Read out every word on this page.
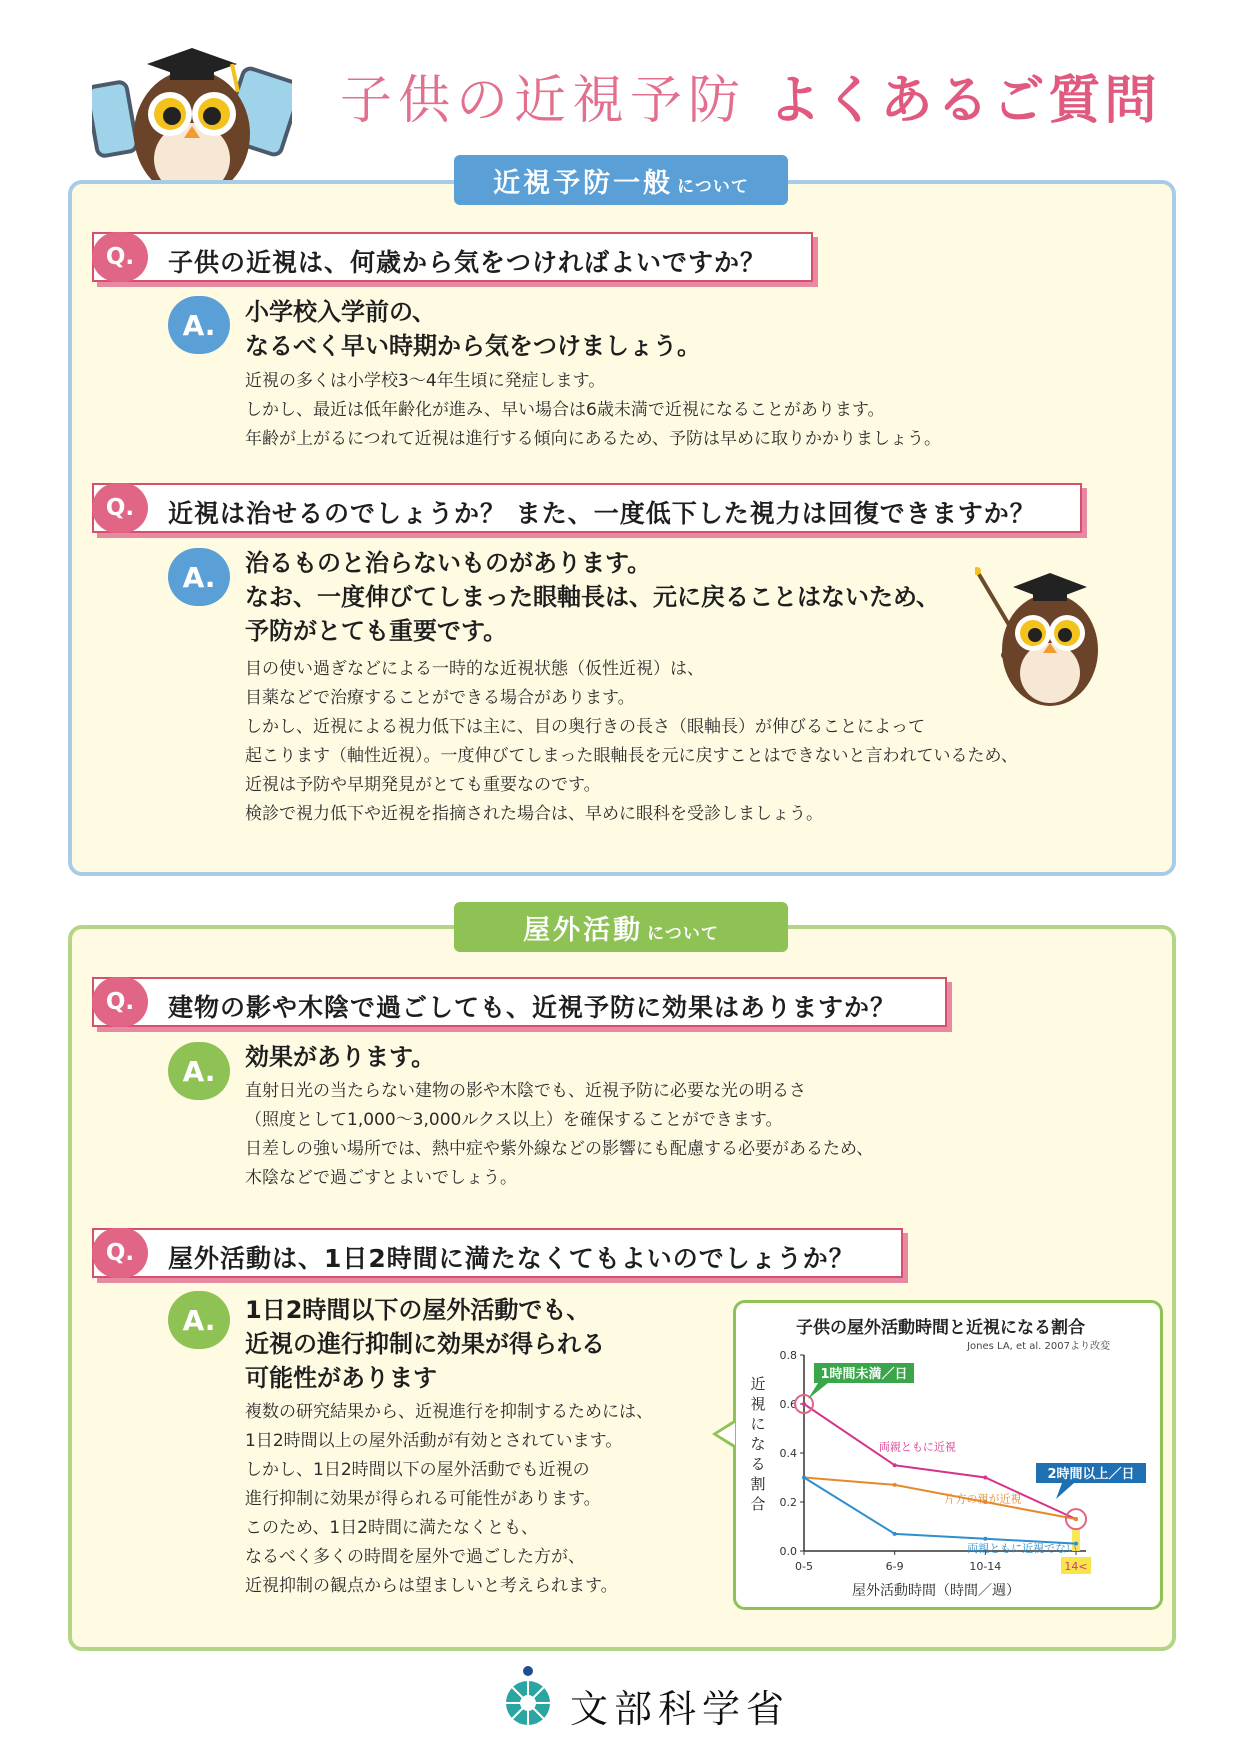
子供の近視予防 よくあるご質問
近視予防一般 について
Q.	子供の近視は、何歳から気をつければよいですか？
A.	小学校入学前の、
なるべく早い時期から気をつけましょう。
近視の多くは小学校3～4年生頃に発症します。
しかし、最近は低年齢化が進み、早い場合は6歳未満で近視になることがあります。
年齢が上がるにつれて近視は進行する傾向にあるため、予防は早めに取りかかりましょう。
Q.	近視は治せるのでしょうか？ また、一度低下した視力は回復できますか？
A.	治るものと治らないものがあります。
なお、一度伸びてしまった眼軸長は、元に戻ることはないため、
予防がとても重要です。
目の使い過ぎなどによる一時的な近視状態（仮性近視）は、
目薬などで治療することができる場合があります。
しかし、近視による視力低下は主に、目の奥行きの長さ（眼軸長）が伸びることによって
起こります（軸性近視）。一度伸びてしまった眼軸長を元に戻すことはできないと言われているため、
近視は予防や早期発見がとても重要なのです。
検診で視力低下や近視を指摘された場合は、早めに眼科を受診しましょう。
屋外活動 について
Q.	建物の影や木陰で過ごしても、近視予防に効果はありますか？
A.	効果があります。
直射日光の当たらない建物の影や木陰でも、近視予防に必要な光の明るさ
（照度として1,000～3,000ルクス以上）を確保することができます。
日差しの強い場所では、熱中症や紫外線などの影響にも配慮する必要があるため、
木陰などで過ごすとよいでしょう。
Q.	屋外活動は、1日2時間に満たなくてもよいのでしょうか？
A.	1日2時間以下の屋外活動でも、
近視の進行抑制に効果が得られる
可能性があります
複数の研究結果から、近視進行を抑制するためには、
1日2時間以上の屋外活動が有効とされています。
しかし、1日2時間以下の屋外活動でも近視の
進行抑制に効果が得られる可能性があります。
このため、1日2時間に満たなくとも、
なるべく多くの時間を屋外で過ごした方が、
近視抑制の観点からは望ましいと考えられます。
子供の屋外活動時間と近視になる割合
Jones LA, et al. 2007より改変
0.0
0.2
0.4
0.6
0.8
0-5	6-9	10-14	14<
近
視
に
な
る
割
合
屋外活動時間（時間／週）
両親ともに近視
片方の親が近視
両親ともに近視でない
1時間未満／日
2時間以上／日
文部科学省
